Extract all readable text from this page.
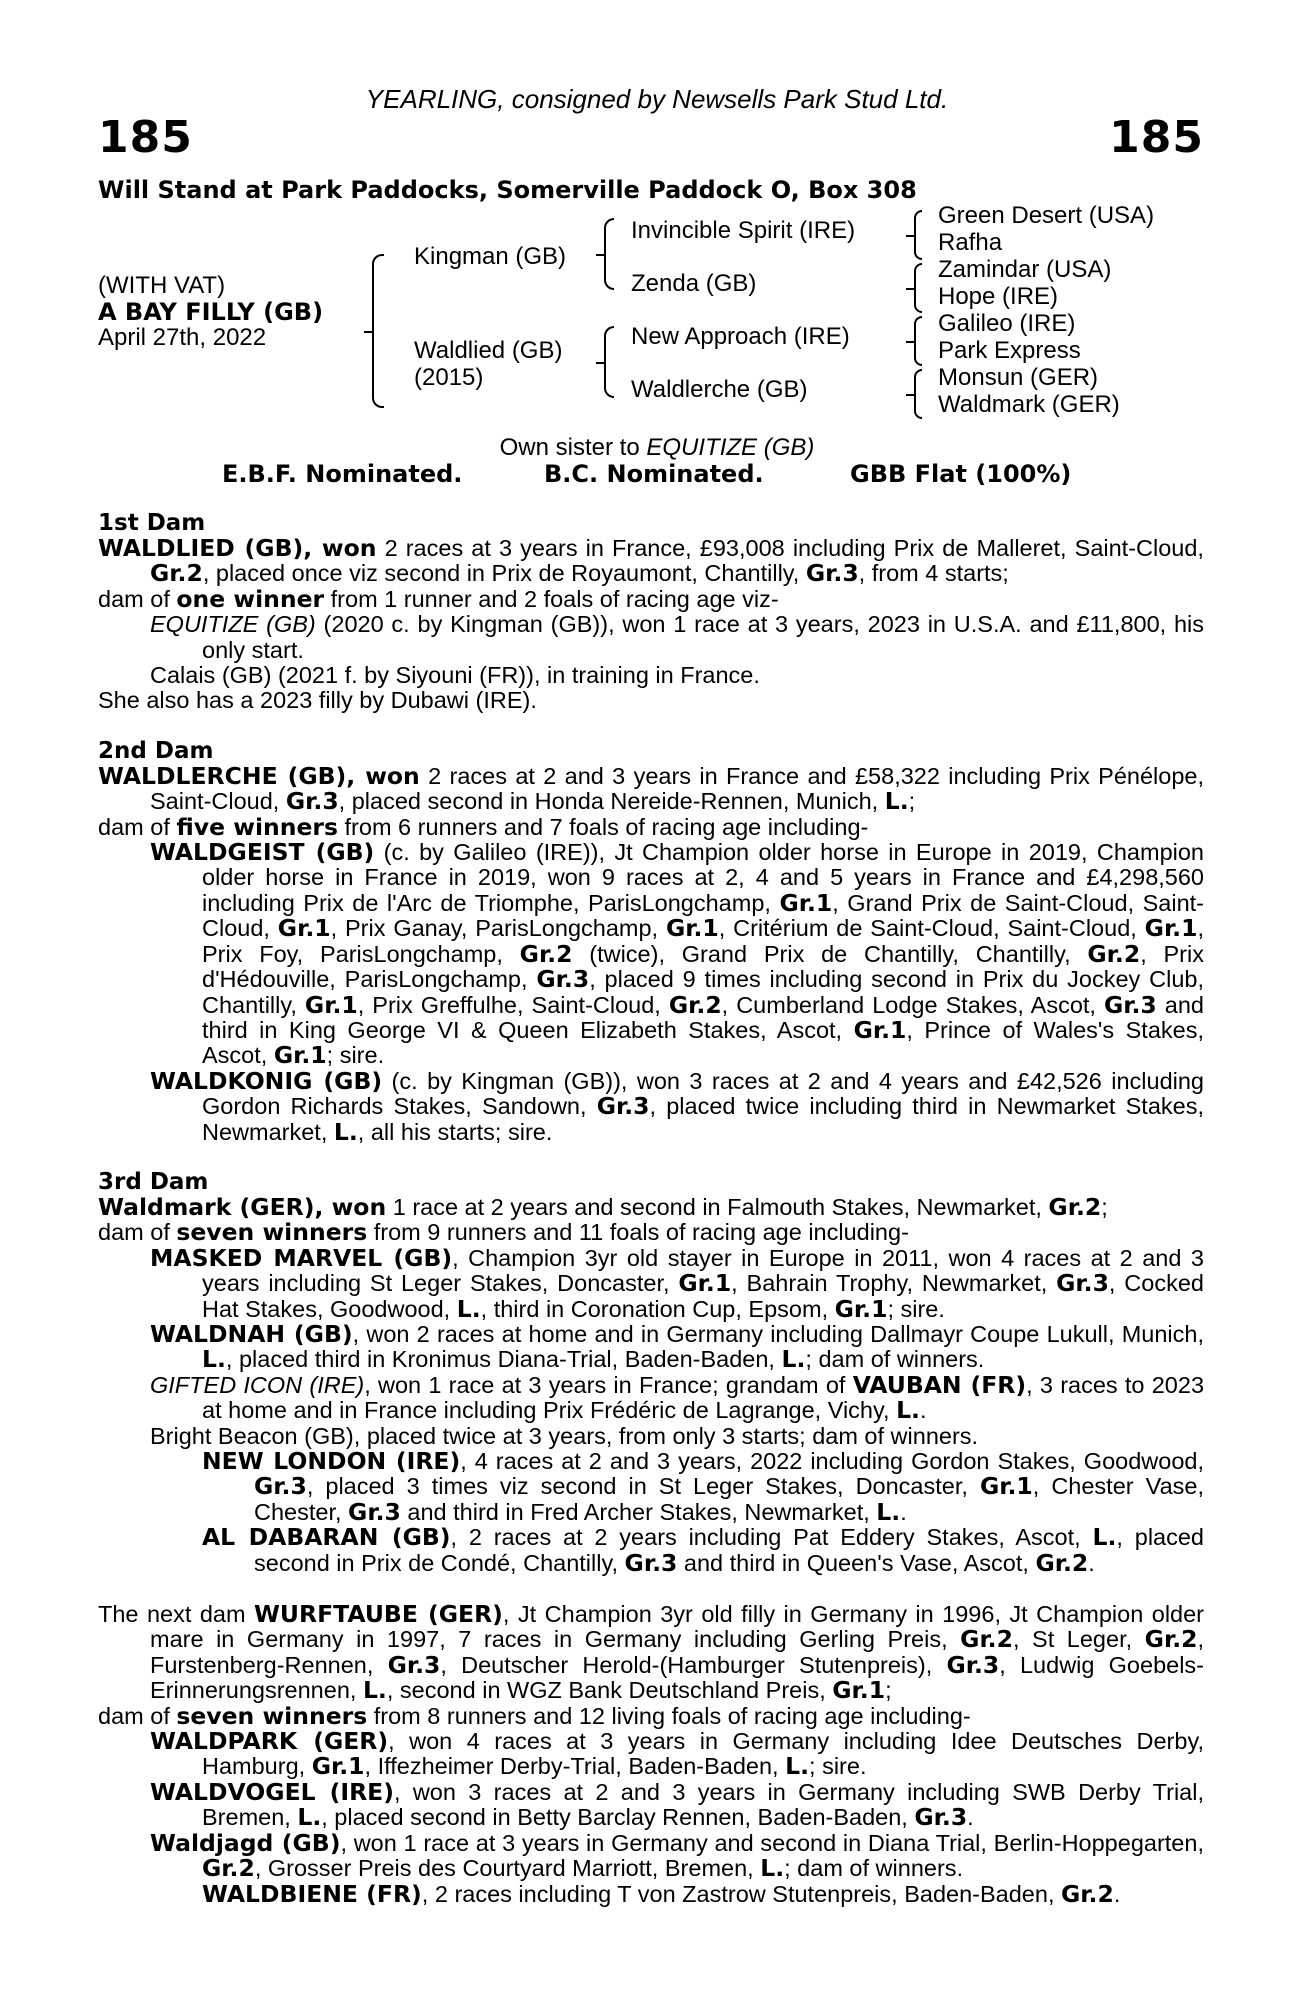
YEARLING, consigned by Newsells Park Stud Ltd.
185	185
Will Stand at Park Paddocks, Somerville Paddock O, Box 308
(WITH VAT)
A BAY FILLY (GB)
April 27th, 2022
Kingman (GB)
Waldlied (GB)
(2015)
Invincible Spirit (IRE)
Zenda (GB)
New Approach (IRE)
Waldlerche (GB)
Green Desert (USA)
Rafha
Zamindar (USA)
Hope (IRE)
Galileo (IRE)
Park Express
Monsun (GER)
Waldmark (GER)
Own sister to EQUITIZE (GB)
E.B.F. Nominated.	B.C. Nominated.	GBB Flat (100%)
1st Dam
WALDLIED (GB), won 2 races at 3 years in France, £93,008 including Prix de Malleret, Saint-Cloud, Gr.2, placed once viz second in Prix de Royaumont, Chantilly, Gr.3, from 4 starts;
dam of one winner from 1 runner and 2 foals of racing age viz-
EQUITIZE (GB) (2020 c. by Kingman (GB)), won 1 race at 3 years, 2023 in U.S.A. and £11,800, his only start.
Calais (GB) (2021 f. by Siyouni (FR)), in training in France.
She also has a 2023 filly by Dubawi (IRE).
2nd Dam
WALDLERCHE (GB), won 2 races at 2 and 3 years in France and £58,322 including Prix Pénélope, Saint-Cloud, Gr.3, placed second in Honda Nereide-Rennen, Munich, L.;
dam of five winners from 6 runners and 7 foals of racing age including-
WALDGEIST (GB) (c. by Galileo (IRE)), Jt Champion older horse in Europe in 2019, Champion older horse in France in 2019, won 9 races at 2, 4 and 5 years in France and £4,298,560 including Prix de l'Arc de Triomphe, ParisLongchamp, Gr.1, Grand Prix de Saint-Cloud, Saint-Cloud, Gr.1, Prix Ganay, ParisLongchamp, Gr.1, Critérium de Saint-Cloud, Saint-Cloud, Gr.1, Prix Foy, ParisLongchamp, Gr.2 (twice), Grand Prix de Chantilly, Chantilly, Gr.2, Prix d'Hédouville, ParisLongchamp, Gr.3, placed 9 times including second in Prix du Jockey Club, Chantilly, Gr.1, Prix Greffulhe, Saint-Cloud, Gr.2, Cumberland Lodge Stakes, Ascot, Gr.3 and third in King George VI & Queen Elizabeth Stakes, Ascot, Gr.1, Prince of Wales's Stakes, Ascot, Gr.1; sire.
WALDKONIG (GB) (c. by Kingman (GB)), won 3 races at 2 and 4 years and £42,526 including Gordon Richards Stakes, Sandown, Gr.3, placed twice including third in Newmarket Stakes, Newmarket, L., all his starts; sire.
3rd Dam
Waldmark (GER), won 1 race at 2 years and second in Falmouth Stakes, Newmarket, Gr.2;
dam of seven winners from 9 runners and 11 foals of racing age including-
MASKED MARVEL (GB), Champion 3yr old stayer in Europe in 2011, won 4 races at 2 and 3 years including St Leger Stakes, Doncaster, Gr.1, Bahrain Trophy, Newmarket, Gr.3, Cocked Hat Stakes, Goodwood, L., third in Coronation Cup, Epsom, Gr.1; sire.
WALDNAH (GB), won 2 races at home and in Germany including Dallmayr Coupe Lukull, Munich, L., placed third in Kronimus Diana-Trial, Baden-Baden, L.; dam of winners.
GIFTED ICON (IRE), won 1 race at 3 years in France; grandam of VAUBAN (FR), 3 races to 2023 at home and in France including Prix Frédéric de Lagrange, Vichy, L..
Bright Beacon (GB), placed twice at 3 years, from only 3 starts; dam of winners.
NEW LONDON (IRE), 4 races at 2 and 3 years, 2022 including Gordon Stakes, Goodwood, Gr.3, placed 3 times viz second in St Leger Stakes, Doncaster, Gr.1, Chester Vase, Chester, Gr.3 and third in Fred Archer Stakes, Newmarket, L..
AL DABARAN (GB), 2 races at 2 years including Pat Eddery Stakes, Ascot, L., placed second in Prix de Condé, Chantilly, Gr.3 and third in Queen's Vase, Ascot, Gr.2.
The next dam WURFTAUBE (GER), Jt Champion 3yr old filly in Germany in 1996, Jt Champion older mare in Germany in 1997, 7 races in Germany including Gerling Preis, Gr.2, St Leger, Gr.2, Furstenberg-Rennen, Gr.3, Deutscher Herold-(Hamburger Stutenpreis), Gr.3, Ludwig Goebels-Erinnerungsrennen, L., second in WGZ Bank Deutschland Preis, Gr.1;
dam of seven winners from 8 runners and 12 living foals of racing age including-
WALDPARK (GER), won 4 races at 3 years in Germany including Idee Deutsches Derby, Hamburg, Gr.1, Iffezheimer Derby-Trial, Baden-Baden, L.; sire.
WALDVOGEL (IRE), won 3 races at 2 and 3 years in Germany including SWB Derby Trial, Bremen, L., placed second in Betty Barclay Rennen, Baden-Baden, Gr.3.
Waldjagd (GB), won 1 race at 3 years in Germany and second in Diana Trial, Berlin-Hoppegarten, Gr.2, Grosser Preis des Courtyard Marriott, Bremen, L.; dam of winners.
WALDBIENE (FR), 2 races including T von Zastrow Stutenpreis, Baden-Baden, Gr.2.
